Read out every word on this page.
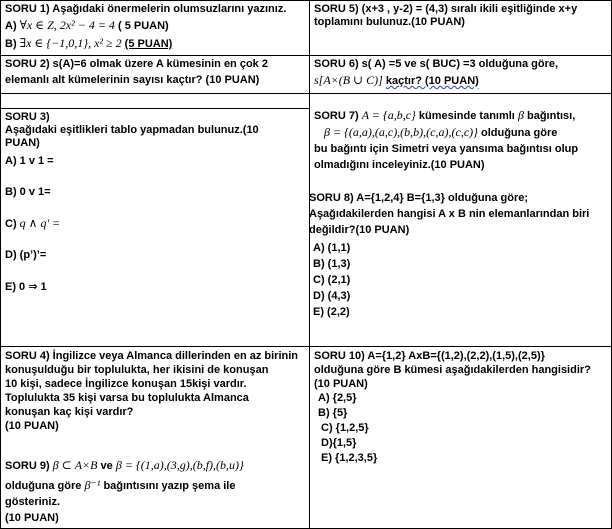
SORU 1) Aşağıdaki önermelerin olumsuzlarını yazınız.
A) ∀x ∈ Z, 2x² − 4 = 4 ( 5 PUAN)
B) ∃x ∈ {−1,0,1}, x² ≥ 2 (5 PUAN)
SORU 5) (x+3 , y-2) = (4,3) sıralı ikili eşitliğinde x+y
toplamını bulunuz.(10 PUAN)
SORU 2) s(A)=6 olmak üzere A kümesinin en çok 2
elemanlı alt kümelerinin sayısı kaçtır? (10 PUAN)
SORU 6) s( A) =5 ve s( BUC) =3 olduğuna göre,
s[A×(B ∪ C)] kaçtır? (10 PUAN)
SORU 3)
Aşağıdaki eşitlikleri tablo yapmadan bulunuz.(10
PUAN)
A) 1 v 1 =
B) 0 v 1=
C) q ∧ q' =
D) (p’)’=
E) 0 ⇒ 1
SORU 7) A = {a,b,c} kümesinde tanımlı β bağıntısı,
β = {(a,a),(a,c),(b,b),(c,a),(c,c)} olduğuna göre
bu bağıntı için Simetri veya yansıma bağıntısı olup
olmadığını inceleyiniz.(10 PUAN)
SORU 8) A={1,2,4} B={1,3} olduğuna göre;
Aşağıdakilerden hangisi A x B nin elemanlarından biri
değildir?(10 PUAN)
A) (1,1)
B) (1,3)
C) (2,1)
D) (4,3)
E) (2,2)
SORU 4) İngilizce veya Almanca dillerinden en az birinin
konuşulduğu bir toplulukta, her ikisini de konuşan
10 kişi, sadece İngilizce konuşan 15kişi vardır.
Toplulukta 35 kişi varsa bu toplulukta Almanca
konuşan kaç kişi vardır?
(10 PUAN)
SORU 9) β ⊂ A×B ve β = {(1,a),(3,g),(b,f),(b,u)}
olduğuna göre β⁻¹ bağıntısını yazıp şema ile
gösteriniz.
(10 PUAN)
SORU 10) A={1,2} AxB={(1,2),(2,2),(1,5),(2,5)}
olduğuna göre B kümesi aşağıdakilerden hangisidir?
(10 PUAN)
A) {2,5}
B) {5}
C) {1,2,5}
D){1,5}
E) {1,2,3,5}
